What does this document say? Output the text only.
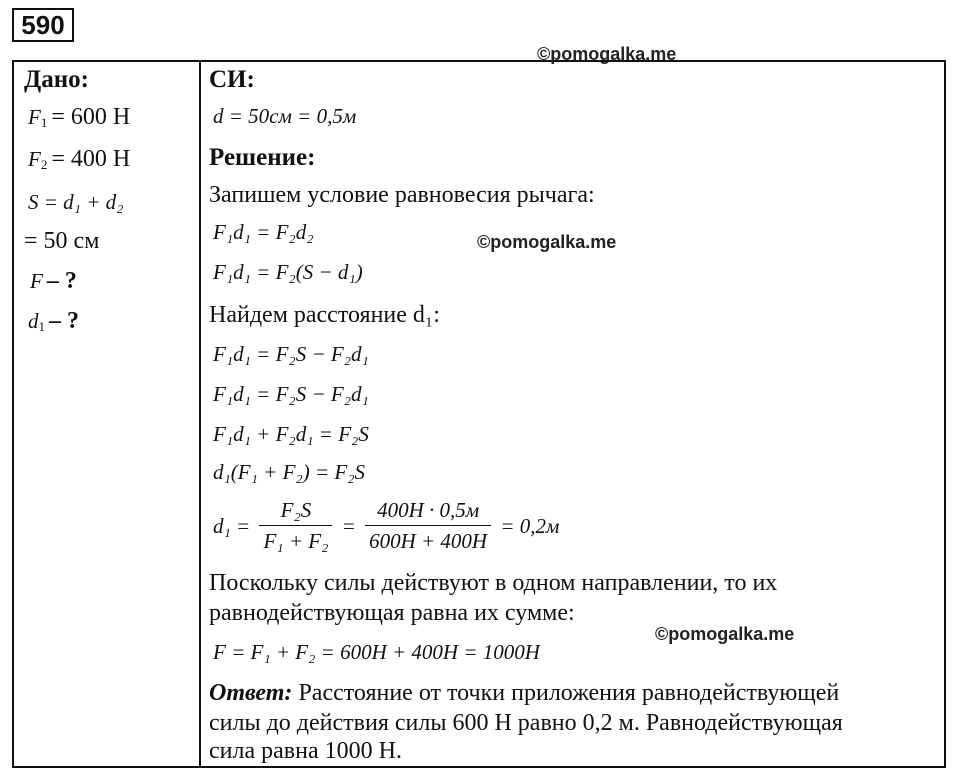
590
©pomogalka.me
©pomogalka.me
©pomogalka.me
Дано:
$F_1 = 600$ Н
$F_2 = 400$ Н
S = d₁ + d₂
= 50 см
F – ?
$d_1$ – ?
СИ:
d = 50см = 0,5м
Решение:
Запишем условие равновесия рычага:
F₁d₁ = F₂d₂
F₁d₁ = F₂(S − d₁)
Найдем расстояние d₁:
F₁d₁ = F₂S − F₂d₁
F₁d₁ = F₂S − F₂d₁
F₁d₁ + F₂d₁ = F₂S
d₁(F₁ + F₂) = F₂S
$d_1 = \frac{\text{F₂S}}{\text{F₁ + F₂}} = \frac{400Н \cdot 0,5м}{600Н + 400Н} = 0,2м$
Поскольку силы действуют в одном направлении, то их
равнодействующая равна их сумме:
F = F₁ + F₂ = 600Н + 400Н = 1000Н
Ответ: Расстояние от точки приложения равнодействующей
силы до действия силы 600 Н равно 0,2 м. Равнодействующая
сила равна 1000 Н.
